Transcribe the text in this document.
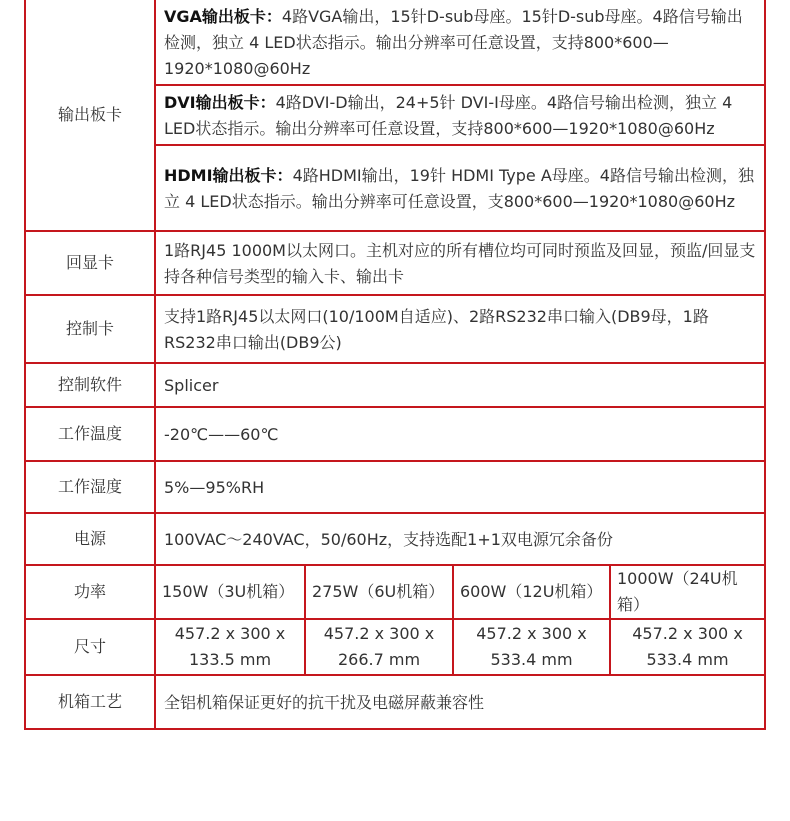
输出板卡	VGA输出板卡：4路VGA输出，15针D-sub母座。15针D-sub母座。4路信号输出检测，独立 4 LED状态指示。输出分辨率可任意设置，支持800*600—1920*1080@60Hz			
	DVI输出板卡：4路DVI-D输出，24+5针 DVI-I母座。4路信号输出检测，独立 4 LED状态指示。输出分辨率可任意设置，支持800*600—1920*1080@60Hz			
	HDMI输出板卡：4路HDMI输出，19针 HDMI Type A母座。4路信号输出检测，独立 4 LED状态指示。输出分辨率可任意设置，支800*600—1920*1080@60Hz			
回显卡	1路RJ45 1000M以太网口。主机对应的所有槽位均可同时预监及回显，预监/回显支持各种信号类型的输入卡、输出卡			
控制卡	支持1路RJ45以太网口(10/100M自适应)、2路RS232串口输入(DB9母，1路RS232串口输出(DB9公)			
控制软件	Splicer			
工作温度	-20℃——60℃			
工作湿度	5%—95%RH			
电源	100VAC～240VAC，50/60Hz，支持选配1+1双电源冗余备份			
功率	150W（3U机箱）	275W（6U机箱）	600W（12U机箱）	1000W（24U机箱）
尺寸	457.2 x 300 x 133.5 mm	457.2 x 300 x 266.7 mm	457.2 x 300 x 533.4 mm	457.2 x 300 x 533.4 mm
机箱工艺	全铝机箱保证更好的抗干扰及电磁屏蔽兼容性			
